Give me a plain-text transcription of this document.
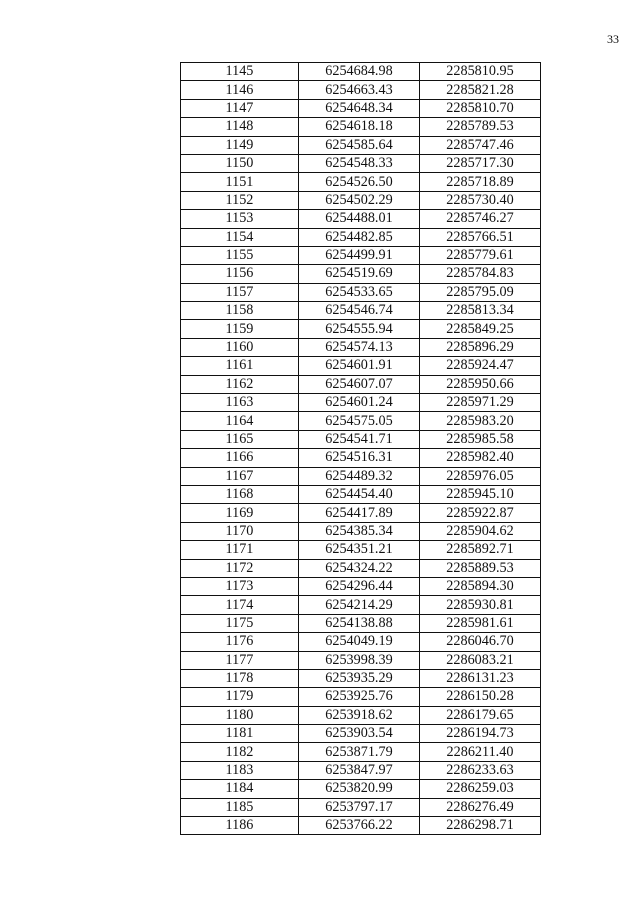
33
1145	6254684.98	2285810.95
1146	6254663.43	2285821.28
1147	6254648.34	2285810.70
1148	6254618.18	2285789.53
1149	6254585.64	2285747.46
1150	6254548.33	2285717.30
1151	6254526.50	2285718.89
1152	6254502.29	2285730.40
1153	6254488.01	2285746.27
1154	6254482.85	2285766.51
1155	6254499.91	2285779.61
1156	6254519.69	2285784.83
1157	6254533.65	2285795.09
1158	6254546.74	2285813.34
1159	6254555.94	2285849.25
1160	6254574.13	2285896.29
1161	6254601.91	2285924.47
1162	6254607.07	2285950.66
1163	6254601.24	2285971.29
1164	6254575.05	2285983.20
1165	6254541.71	2285985.58
1166	6254516.31	2285982.40
1167	6254489.32	2285976.05
1168	6254454.40	2285945.10
1169	6254417.89	2285922.87
1170	6254385.34	2285904.62
1171	6254351.21	2285892.71
1172	6254324.22	2285889.53
1173	6254296.44	2285894.30
1174	6254214.29	2285930.81
1175	6254138.88	2285981.61
1176	6254049.19	2286046.70
1177	6253998.39	2286083.21
1178	6253935.29	2286131.23
1179	6253925.76	2286150.28
1180	6253918.62	2286179.65
1181	6253903.54	2286194.73
1182	6253871.79	2286211.40
1183	6253847.97	2286233.63
1184	6253820.99	2286259.03
1185	6253797.17	2286276.49
1186	6253766.22	2286298.71
